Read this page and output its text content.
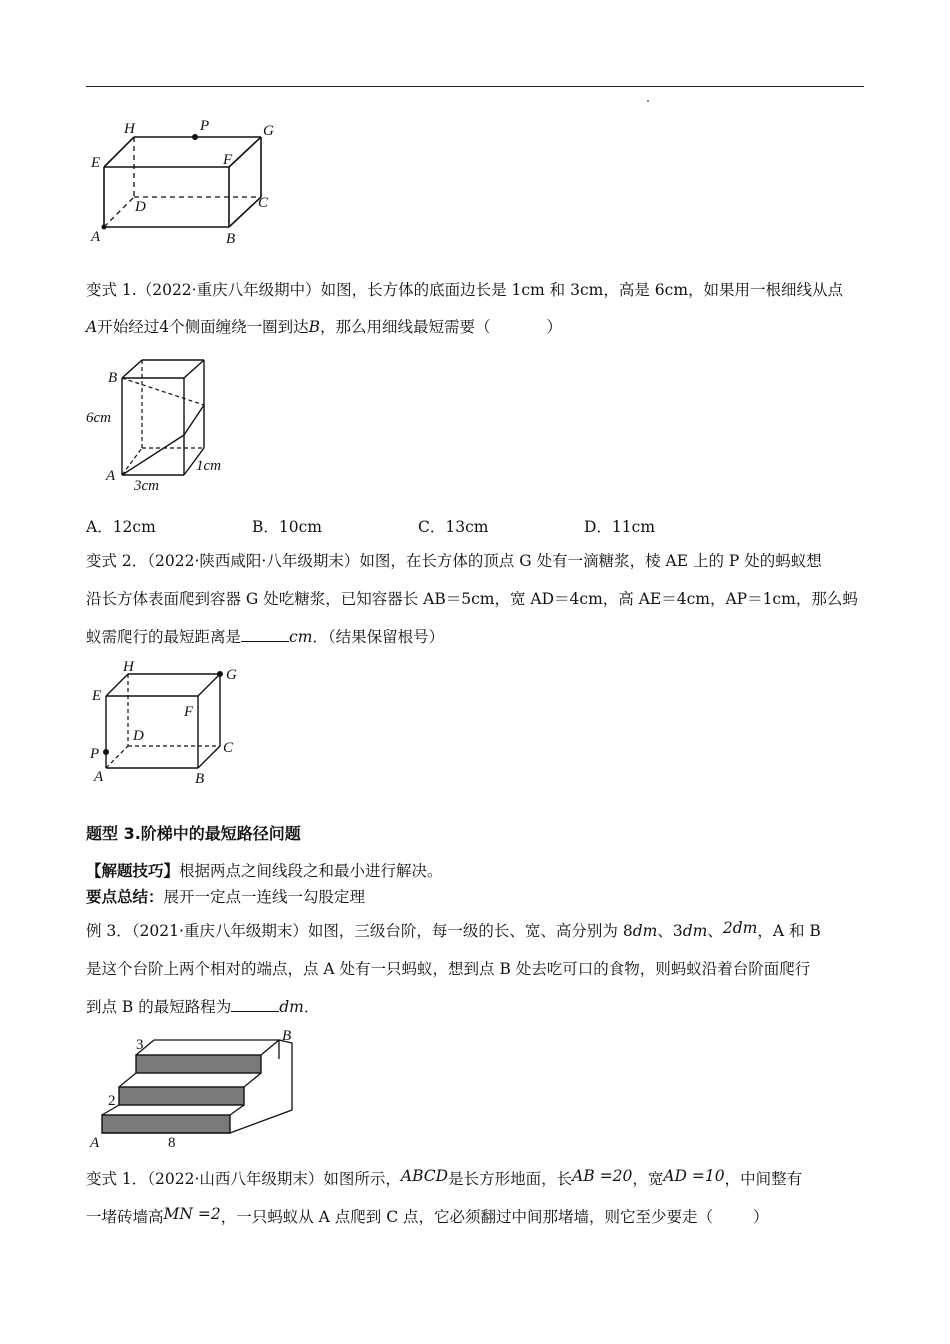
H	P	G
E	F
D	C
A	B
变式 1.（2022·重庆八年级期中）如图，长方体的底面边长是 1cm 和 3cm，高是 6cm，如果用一根细线从点
A开始经过4个侧面缠绕一圈到达B，那么用细线最短需要（	）
B
6cm
A
3cm
1cm
A．12cm	B．10cm	C．13cm	D．11cm
变式 2．（2022·陕西咸阳·八年级期末）如图，在长方体的顶点 G 处有一滴糖浆，棱 AE 上的 P 处的蚂蚁想
沿长方体表面爬到容器 G 处吃糖浆，已知容器长 AB＝5cm，宽 AD＝4cm，高 AE＝4cm，AP＝1cm，那么蚂
蚁需爬行的最短距离是	cm．（结果保留根号）
H	G
E
F
D
C
P
A	B
题型 3.阶梯中的最短路径问题
【解题技巧】根据两点之间线段之和最小进行解决。
要点总结：展开一定点一连线一勾股定理
例 3．（2021·重庆八年级期末）如图，三级台阶，每一级的长、宽、高分别为 8dm、3dm、2dm，A 和 B
是这个台阶上两个相对的端点，点 A 处有一只蚂蚁，想到点 B 处去吃可口的食物，则蚂蚁沿着台阶面爬行
到点 B 的最短路程为	dm．
3
B
2
A	8
变式 1．（2022·山西八年级期末）如图所示，ABCD是长方形地面，长AB =20，宽AD =10，中间整有
一堵砖墙高MN =2，一只蚂蚁从 A 点爬到 C 点，它必须翻过中间那堵墙，则它至少要走（	）
